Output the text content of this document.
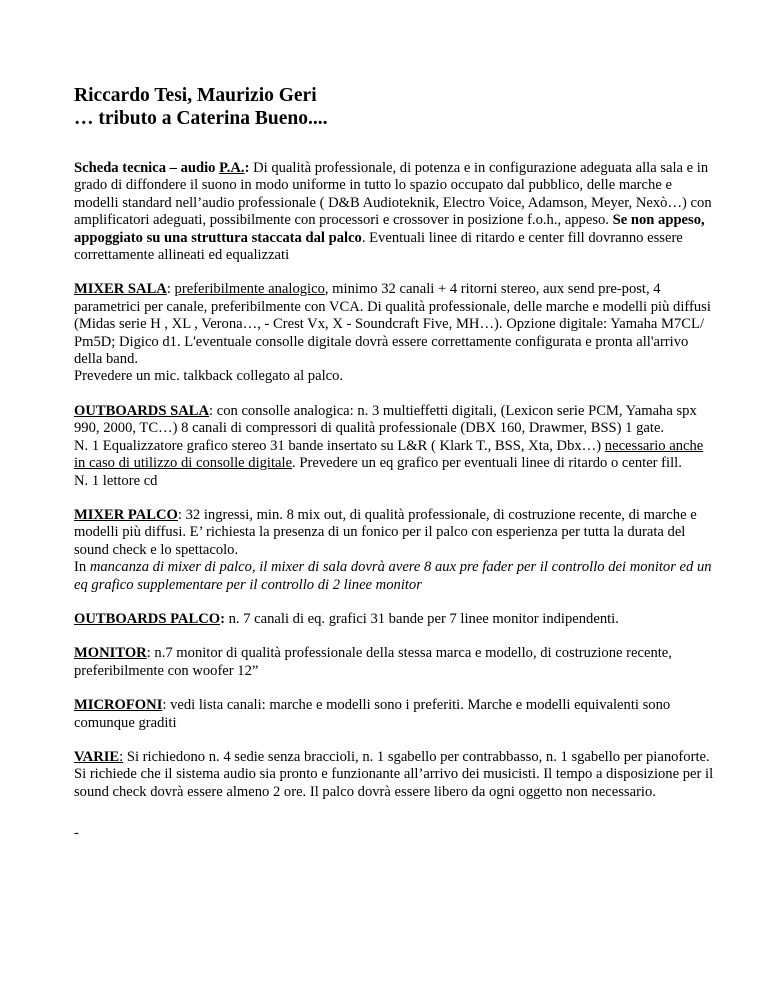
Riccardo Tesi, Maurizio Geri
… tributo a Caterina Bueno....

Scheda tecnica – audio P.A.: Di qualità professionale, di potenza e in configurazione adeguata alla sala e in grado di diffondere il suono in modo uniforme in tutto lo spazio occupato dal pubblico, delle marche e modelli standard nell’audio professionale ( D&B Audioteknik, Electro Voice, Adamson, Meyer, Nexò…) con amplificatori adeguati, possibilmente con processori e crossover in posizione f.o.h., appeso. Se non appeso, appoggiato su una struttura staccata dal palco. Eventuali linee di ritardo e center fill dovranno essere correttamente allineati ed equalizzati

MIXER SALA: preferibilmente analogico, minimo 32 canali + 4 ritorni stereo, aux send pre-post, 4 parametrici per canale, preferibilmente con VCA. Di qualità professionale, delle marche e modelli più diffusi (Midas serie H , XL , Verona…, - Crest Vx, X - Soundcraft Five, MH…). Opzione digitale: Yamaha M7CL/ Pm5D; Digico d1. L'eventuale consolle digitale dovrà essere correttamente configurata e pronta all'arrivo della band.
Prevedere un mic. talkback collegato al palco.

OUTBOARDS SALA: con consolle analogica: n. 3 multieffetti digitali, (Lexicon serie PCM, Yamaha spx 990, 2000, TC…) 8 canali di compressori di qualità professionale (DBX 160, Drawmer, BSS) 1 gate.
N. 1 Equalizzatore grafico stereo 31 bande insertato su L&R ( Klark T., BSS, Xta, Dbx…) necessario anche in caso di utilizzo di consolle digitale. Prevedere un eq grafico per eventuali linee di ritardo o center fill.
N. 1 lettore cd

MIXER PALCO: 32 ingressi, min. 8 mix out, di qualità professionale, di costruzione recente, di marche e modelli più diffusi. E’ richiesta la presenza di un fonico per il palco con esperienza per tutta la durata del sound check e lo spettacolo.
In mancanza di mixer di palco, il mixer di sala dovrà avere 8 aux pre fader per il controllo dei monitor ed un eq grafico supplementare per il controllo di 2 linee monitor

OUTBOARDS PALCO: n. 7 canali di eq. grafici 31 bande per 7 linee monitor indipendenti.

MONITOR: n.7 monitor di qualità professionale della stessa marca e modello, di costruzione recente, preferibilmente con woofer 12”

MICROFONI: vedi lista canali: marche e modelli sono i preferiti. Marche e modelli equivalenti sono comunque graditi

VARIE: Si richiedono n. 4 sedie senza braccioli, n. 1 sgabello per contrabbasso, n. 1 sgabello per pianoforte. Si richiede che il sistema audio sia pronto e funzionante all’arrivo dei musicisti. Il tempo a disposizione per il sound check dovrà essere almeno 2 ore. Il palco dovrà essere libero da ogni oggetto non necessario.

-
